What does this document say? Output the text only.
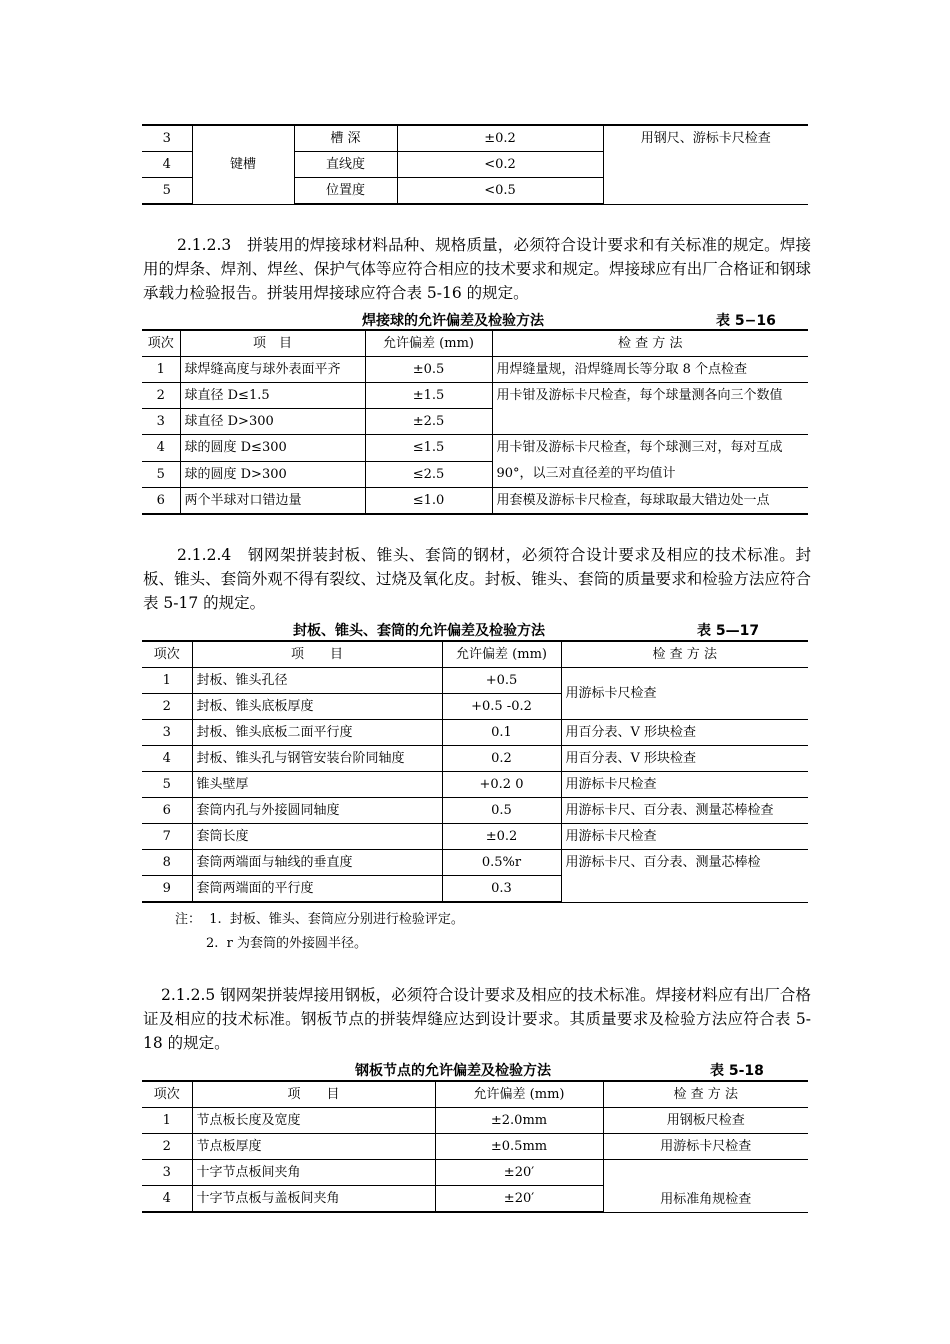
3	键槽	槽 深	±0.2	用钢尺、游标卡尺检查
4		直线度	<0.2	
5		位置度	<0.5	
2.1.2.3　拼装用的焊接球材料品种、规格质量，必须符合设计要求和有关标准的规定。焊接用的焊条、焊剂、焊丝、保护气体等应符合相应的技术要求和规定。焊接球应有出厂合格证和钢球承载力检验报告。拼装用焊接球应符合表 5-16 的规定。
焊接球的允许偏差及检验方法	表 5−16
项次	项　目	允许偏差 (mm)	检 查 方 法
1	球焊缝高度与球外表面平齐	±0.5	用焊缝量规，沿焊缝周长等分取 8 个点检查
2	球直径 D≤1.5	±1.5	用卡钳及游标卡尺检查，每个球量测各向三个数值
3	球直径 D>300	±2.5	
4	球的圆度 D≤300	≤1.5	用卡钳及游标卡尺检查，每个球测三对，每对互成 90°，以三对直径差的平均值计
5	球的圆度 D>300	≤2.5	
6	两个半球对口错边量	≤1.0	用套模及游标卡尺检查，每球取最大错边处一点
2.1.2.4　钢网架拼装封板、锥头、套筒的钢材，必须符合设计要求及相应的技术标准。封板、锥头、套筒外观不得有裂纹、过烧及氧化皮。封板、锥头、套筒的质量要求和检验方法应符合表 5-17 的规定。
封板、锥头、套筒的允许偏差及检验方法	表 5—17
项次	项　　目	允许偏差 (mm)	检 查 方 法
1	封板、锥头孔径	+0.5	用游标卡尺检查
2	封板、锥头底板厚度	+0.5 -0.2	
3	封板、锥头底板二面平行度	0.1	用百分表、V 形块检查
4	封板、锥头孔与钢管安装台阶同轴度	0.2	用百分表、V 形块检查
5	锥头壁厚	+0.2 0	用游标卡尺检查
6	套筒内孔与外接圆同轴度	0.5	用游标卡尺、百分表、测量芯棒检查
7	套筒长度	±0.2	用游标卡尺检查
8	套筒两端面与轴线的垂直度	0.5%r	用游标卡尺、百分表、测量芯棒检
9	套筒两端面的平行度	0.3	
注：  1.  封板、锥头、套筒应分别进行检验评定。
2.  r 为套筒的外接圆半径。
2.1.2.5 钢网架拼装焊接用钢板，必须符合设计要求及相应的技术标准。焊接材料应有出厂合格证及相应的技术标准。钢板节点的拼装焊缝应达到设计要求。其质量要求及检验方法应符合表 5-18 的规定。
钢板节点的允许偏差及检验方法	表 5-18
项次	项　　目	允许偏差 (mm)	检 查 方 法
1	节点板长度及宽度	±2.0mm	用钢板尺检查
2	节点板厚度	±0.5mm	用游标卡尺检查
3	十字节点板间夹角	±20′	用标准角规检查
4	十字节点板与盖板间夹角	±20′	
